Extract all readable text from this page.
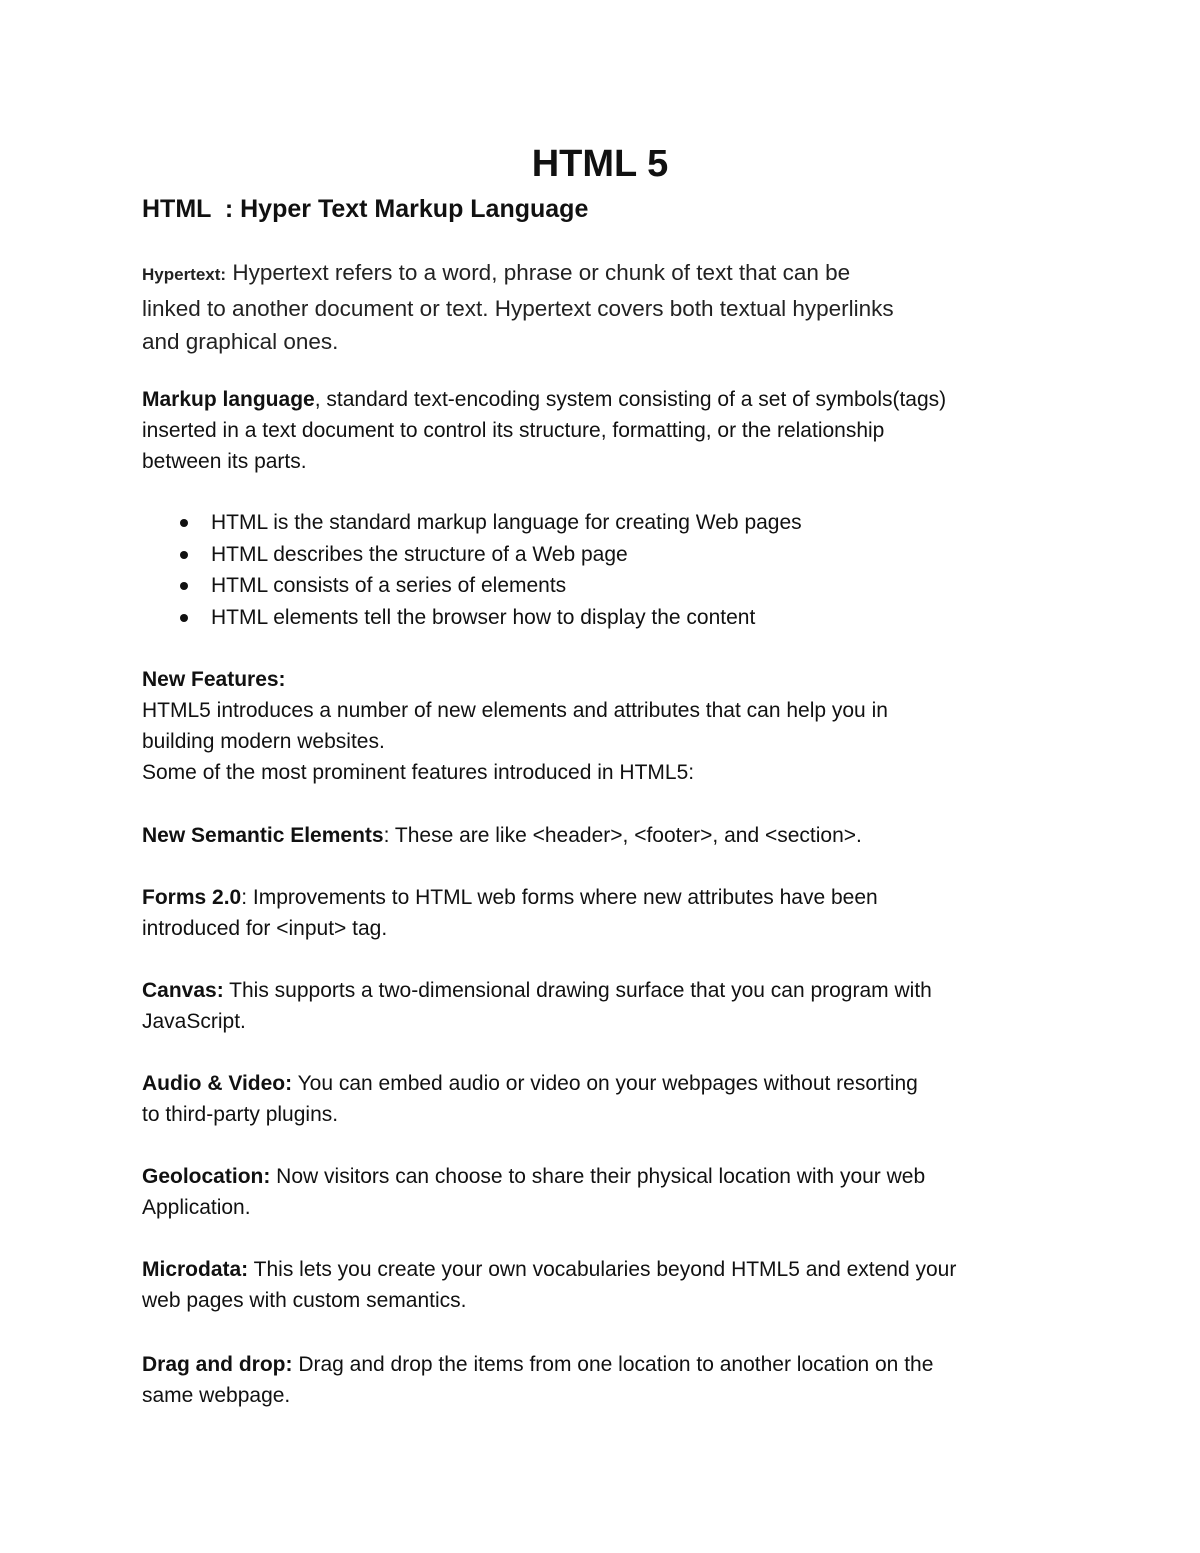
HTML 5
HTML  : Hyper Text Markup Language

Hypertext: Hypertext refers to a word, phrase or chunk of text that can be
linked to another document or text. Hypertext covers both textual hyperlinks
and graphical ones.

Markup language, standard text-encoding system consisting of a set of symbols(tags)
inserted in a text document to control its structure, formatting, or the relationship
between its parts.

HTML is the standard markup language for creating Web pages
HTML describes the structure of a Web page
HTML consists of a series of elements
HTML elements tell the browser how to display the content

New Features:
HTML5 introduces a number of new elements and attributes that can help you in
building modern websites.
Some of the most prominent features introduced in HTML5:

New Semantic Elements: These are like <header>, <footer>, and <section>.

Forms 2.0: Improvements to HTML web forms where new attributes have been
introduced for <input> tag.

Canvas: This supports a two-dimensional drawing surface that you can program with
JavaScript.

Audio & Video: You can embed audio or video on your webpages without resorting
to third-party plugins.

Geolocation: Now visitors can choose to share their physical location with your web
Application.

Microdata: This lets you create your own vocabularies beyond HTML5 and extend your
web pages with custom semantics.

Drag and drop: Drag and drop the items from one location to another location on the
same webpage.
